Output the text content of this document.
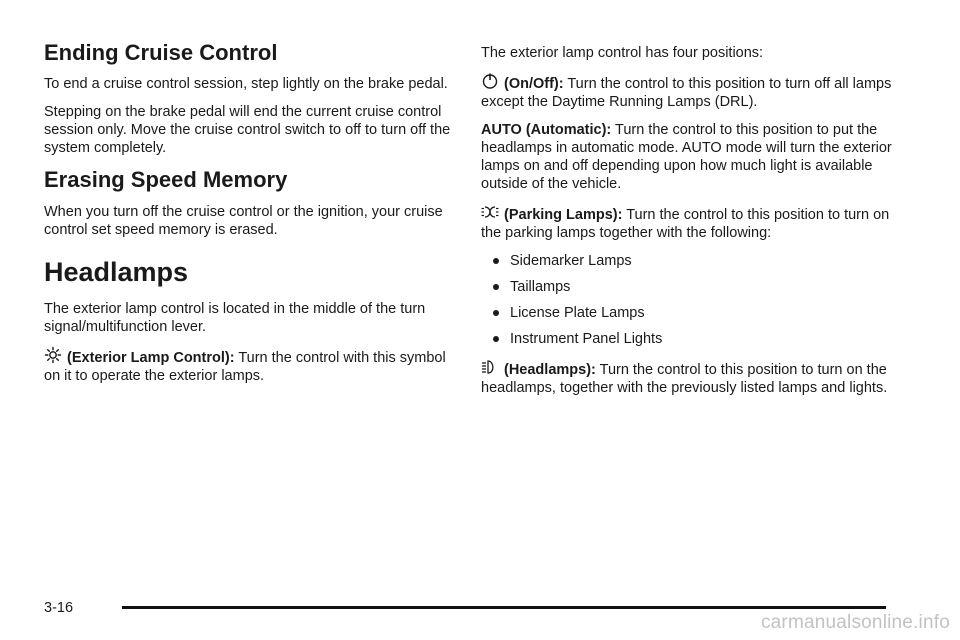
Ending Cruise Control

To end a cruise control session, step lightly on the brake pedal.

Stepping on the brake pedal will end the current cruise control session only. Move the cruise control switch to off to turn off the system completely.

Erasing Speed Memory

When you turn off the cruise control or the ignition, your cruise control set speed memory is erased.

Headlamps

The exterior lamp control is located in the middle of the turn signal/multifunction lever.

(Exterior Lamp Control): Turn the control with this symbol on it to operate the exterior lamps.

The exterior lamp control has four positions:

(On/Off): Turn the control to this position to turn off all lamps except the Daytime Running Lamps (DRL).

AUTO (Automatic): Turn the control to this position to put the headlamps in automatic mode. AUTO mode will turn the exterior lamps on and off depending upon how much light is available outside of the vehicle.

(Parking Lamps): Turn the control to this position to turn on the parking lamps together with the following:

Sidemarker Lamps
Taillamps
License Plate Lamps
Instrument Panel Lights

(Headlamps): Turn the control to this position to turn on the headlamps, together with the previously listed lamps and lights.

3-16
carmanualsonline.info
